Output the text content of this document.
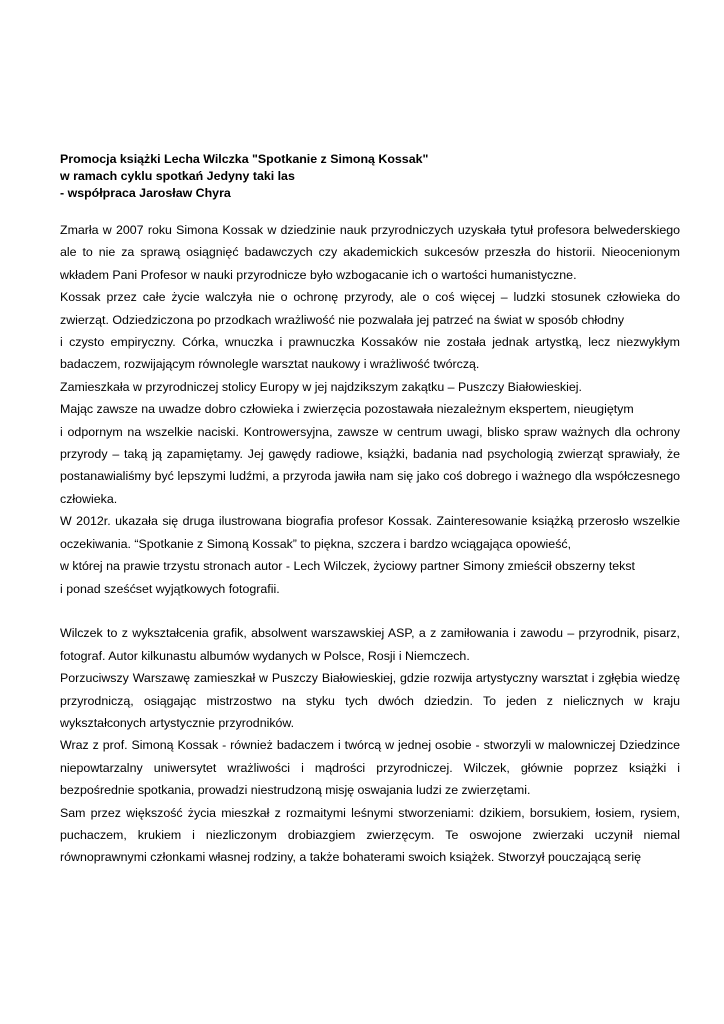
Promocja książki Lecha Wilczka "Spotkanie z Simoną Kossak"
w ramach cyklu spotkań Jedyny taki las
- współpraca Jarosław Chyra

Zmarła w 2007 roku Simona Kossak w dziedzinie nauk przyrodniczych uzyskała tytuł profesora belwederskiego ale to nie za sprawą osiągnięć badawczych czy akademickich sukcesów przeszła do historii. Nieocenionym wkładem Pani Profesor w nauki przyrodnicze było wzbogacanie ich o wartości humanistyczne.

Kossak przez całe życie walczyła nie o ochronę przyrody, ale o coś więcej – ludzki stosunek człowieka do zwierząt. Odziedziczona po przodkach wrażliwość nie pozwalała jej patrzeć na świat w sposób chłodny

i czysto empiryczny. Córka, wnuczka i prawnuczka Kossaków nie została jednak artystką, lecz niezwykłym badaczem, rozwijającym równolegle warsztat naukowy i wrażliwość twórczą.

Zamieszkała w przyrodniczej stolicy Europy w jej najdzikszym zakątku – Puszczy Białowieskiej.

Mając zawsze na uwadze dobro człowieka i zwierzęcia pozostawała niezależnym ekspertem, nieugiętym

i odpornym na wszelkie naciski. Kontrowersyjna, zawsze w centrum uwagi, blisko spraw ważnych dla ochrony przyrody – taką ją zapamiętamy. Jej gawędy radiowe, książki, badania nad psychologią zwierząt sprawiały, że postanawialiśmy być lepszymi ludźmi, a przyroda jawiła nam się jako coś dobrego i ważnego dla współczesnego człowieka.

W 2012r. ukazała się druga ilustrowana biografia profesor Kossak. Zainteresowanie książką przerosło wszelkie oczekiwania. “Spotkanie z Simoną Kossak” to piękna, szczera i bardzo wciągająca opowieść,

w której na prawie trzystu stronach autor - Lech Wilczek, życiowy partner Simony zmieścił obszerny tekst

i ponad sześćset wyjątkowych fotografii.

Wilczek to z wykształcenia grafik, absolwent warszawskiej ASP, a z zamiłowania i zawodu – przyrodnik, pisarz, fotograf. Autor kilkunastu albumów wydanych w Polsce, Rosji i Niemczech.

Porzuciwszy Warszawę zamieszkał w Puszczy Białowieskiej, gdzie rozwija artystyczny warsztat i zgłębia wiedzę przyrodniczą, osiągając mistrzostwo na styku tych dwóch dziedzin. To jeden z nielicznych w kraju wykształconych artystycznie przyrodników.

Wraz z prof. Simoną Kossak - również badaczem i twórcą w jednej osobie - stworzyli w malowniczej Dziedzince niepowtarzalny uniwersytet wrażliwości i mądrości przyrodniczej. Wilczek, głównie poprzez książki i bezpośrednie spotkania, prowadzi niestrudzoną misję oswajania ludzi ze zwierzętami.

Sam przez większość życia mieszkał z rozmaitymi leśnymi stworzeniami: dzikiem, borsukiem, łosiem, rysiem, puchaczem, krukiem i niezliczonym drobiazgiem zwierzęcym. Te oswojone zwierzaki uczynił niemal równoprawnymi członkami własnej rodziny, a także bohaterami swoich książek. Stworzył pouczającą serię
